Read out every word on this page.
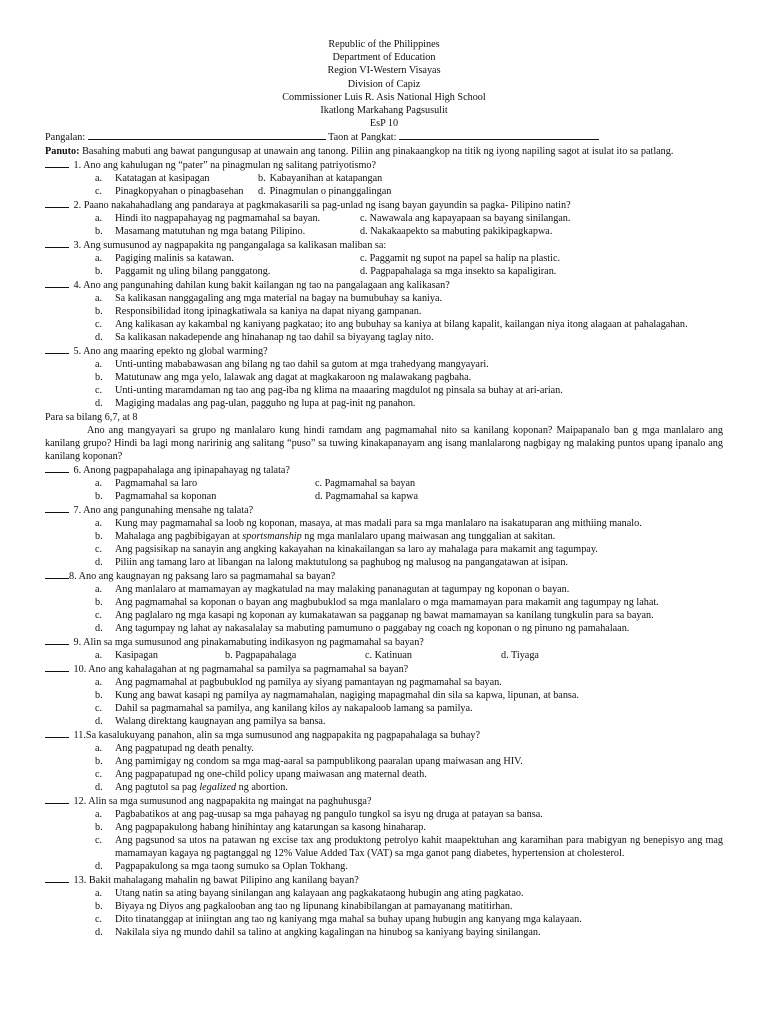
Republic of the Philippines
Department of Education
Region VI-Western Visayas
Division of Capiz
Commissioner Luis R. Asis National High School
Ikatlong Markahang Pagsusulit
EsP 10
Pangalan:	Taon at Pangkat:
Panuto: Basahing mabuti ang bawat pangungusap at unawain ang tanong. Piliin ang pinakaangkop na titik ng iyong napiling sagot at isulat ito sa patlang.
1. Ano ang kahulugan ng “pater” na pinagmulan ng salitang patriyotismo?
a.	Katatagan at kasipagan	b. Kabayanihan at katapangan
c.	Pinagkopyahan o pinagbasehan d. Pinagmulan o pinanggalingan
2. Paano nakahahadlang ang pandaraya at pagkmakasarili sa pag-unlad ng isang bayan gayundin sa pagka- Pilipino natin?
a.	Hindi ito nagpapahayag ng pagmamahal sa bayan.	c. Nawawala ang kapayapaan sa bayang sinilangan.
b.	Masamang matutuhan ng mga batang Pilipino.	d. Nakakaapekto sa mabuting pakikipagkapwa.
3. Ang sumusunod ay nagpapakita ng pangangalaga sa kalikasan maliban sa:
a.	Pagiging malinis sa katawan.	c. Paggamit ng supot na papel sa halip na plastic.
b.	Paggamit ng uling bilang panggatong.	d. Pagpapahalaga sa mga insekto sa kapaligiran.
4. Ano ang pangunahing dahilan kung bakit kailangan ng tao na pangalagaan ang kalikasan?
a.	Sa kalikasan nanggagaling ang mga material na bagay na bumubuhay sa kaniya.
b.	Responsibilidad itong ipinagkatiwala sa kaniya na dapat niyang gampanan.
c.	Ang kalikasan ay kakambal ng kaniyang pagkatao; ito ang bubuhay sa kaniya at bilang kapalit, kailangan niya itong alagaan at pahalagahan.
d.	Sa kalikasan nakadepende ang hinahanap ng tao dahil sa biyayang taglay nito.
5. Ano ang maaring epekto ng global warming?
a.	Unti-unting mababawasan ang bilang ng tao dahil sa gutom at mga trahedyang mangyayari.
b.	Matutunaw ang mga yelo, lalawak ang dagat at magkakaroon ng malawakang pagbaha.
c.	Unti-unting maramdaman ng tao ang pag-iba ng klima na maaaring magdulot ng pinsala sa buhay at ari-arian.
d.	Magiging madalas ang pag-ulan, pagguho ng lupa at pag-init ng panahon.
Para sa bilang 6,7, at 8
Ano ang mangyayari sa grupo ng manlalaro kung hindi ramdam ang pagmamahal nito sa kanilang koponan? Maipapanalo ban g mga manlalaro ang kanilang grupo? Hindi ba lagi mong naririnig ang salitang “puso” sa tuwing kinakapanayam ang isang manlalarong nagbigay ng malaking puntos upang ipanalo ang kanilang koponan?
6. Anong pagpapahalaga ang ipinapahayag ng talata?
a.	Pagmamahal sa laro	c. Pagmamahal sa bayan
b.	Pagmamahal sa koponan	d. Pagmamahal sa kapwa
7. Ano ang pangunahing mensahe ng talata?
a.	Kung may pagmamahal sa loob ng koponan, masaya, at mas madali para sa mga manlalaro na isakatuparan ang mithiing manalo.
b.	Mahalaga ang pagbibigayan at sportsmanship ng mga manlalaro upang maiwasan ang tunggalian at sakitan.
c.	Ang pagsisikap na sanayin ang angking kakayahan na kinakailangan sa laro ay mahalaga para makamit ang tagumpay.
d.	Piliin ang tamang laro at libangan na lalong maktutulong sa paghubog ng malusog na pangangatawan at isipan.
8. Ano ang kaugnayan ng paksang laro sa pagmamahal sa bayan?
a.	Ang manlalaro at mamamayan ay magkatulad na may malaking pananagutan at tagumpay ng koponan o bayan.
b.	Ang pagmamahal sa koponan o bayan ang magbubuklod sa mga manlalaro o mga mamamayan para makamit ang tagumpay ng lahat.
c.	Ang paglalaro ng mga kasapi ng koponan ay kumakatawan sa pagganap ng bawat mamamayan sa kanilang tungkulin para sa bayan.
d.	Ang tagumpay ng lahat ay nakasalalay sa mabuting pamumuno o paggabay ng coach ng koponan o ng pinuno ng pamahalaan.
9. Alin sa mga sumusunod ang pinakamabuting indikasyon ng pagmamahal sa bayan?
a.	Kasipagan	b. Pagpapahalaga	c. Katinuan	d. Tiyaga
10. Ano ang kahalagahan at ng pagmamahal sa pamilya sa pagmamahal sa bayan?
a.	Ang pagmamahal at pagbubuklod ng pamilya ay siyang pamantayan ng pagmamahal sa bayan.
b.	Kung ang bawat kasapi ng pamilya ay nagmamahalan, nagiging mapagmahal din sila sa kapwa, lipunan, at bansa.
c.	Dahil sa pagmamahal sa pamilya, ang kanilang kilos ay nakapaloob lamang sa pamilya.
d.	Walang direktang kaugnayan ang pamilya sa bansa.
11.Sa kasalukuyang panahon, alin sa mga sumusunod ang nagpapakita ng pagpapahalaga sa buhay?
a.	Ang pagpatupad ng death penalty.
b.	Ang pamimigay ng condom sa mga mag-aaral sa pampublikong paaralan upang maiwasan ang HIV.
c.	Ang pagpapatupad ng one-child policy upang maiwasan ang maternal death.
d.	Ang pagtutol sa pag legalized ng abortion.
12. Alin sa mga sumusunod ang nagpapakita ng maingat na paghuhusga?
a.	Pagbabatikos at ang pag-uusap sa mga pahayag ng pangulo tungkol sa isyu ng druga at patayan sa bansa.
b.	Ang pagpapakulong habang hinihintay ang katarungan sa kasong hinaharap.
c.	Ang pagsunod sa utos na patawan ng excise tax ang produktong petrolyo kahit maapektuhan ang karamihan para mabigyan ng benepisyo ang mag mamamayan kagaya ng pagtanggal ng 12% Value Added Tax (VAT) sa mga ganot pang diabetes, hypertension at cholesterol.
d.	Pagpapakulong sa mga taong sumuko sa Oplan Tokhang.
13. Bakit mahalagang mahalin ng bawat Pilipino ang kanilang bayan?
a.	Utang natin sa ating bayang sinilangan ang kalayaan ang pagkakataong hubugin ang ating pagkatao.
b.	Biyaya ng Diyos ang pagkalooban ang tao ng lipunang kinabibilangan at pamayanang matitirhan.
c.	Dito tinatanggap at iniingtan ang tao ng kaniyang mga mahal sa buhay upang hubugin ang kanyang mga kalayaan.
d.	Nakilala siya ng mundo dahil sa talino at angking kagalingan na hinubog sa kaniyang baying sinilangan.
